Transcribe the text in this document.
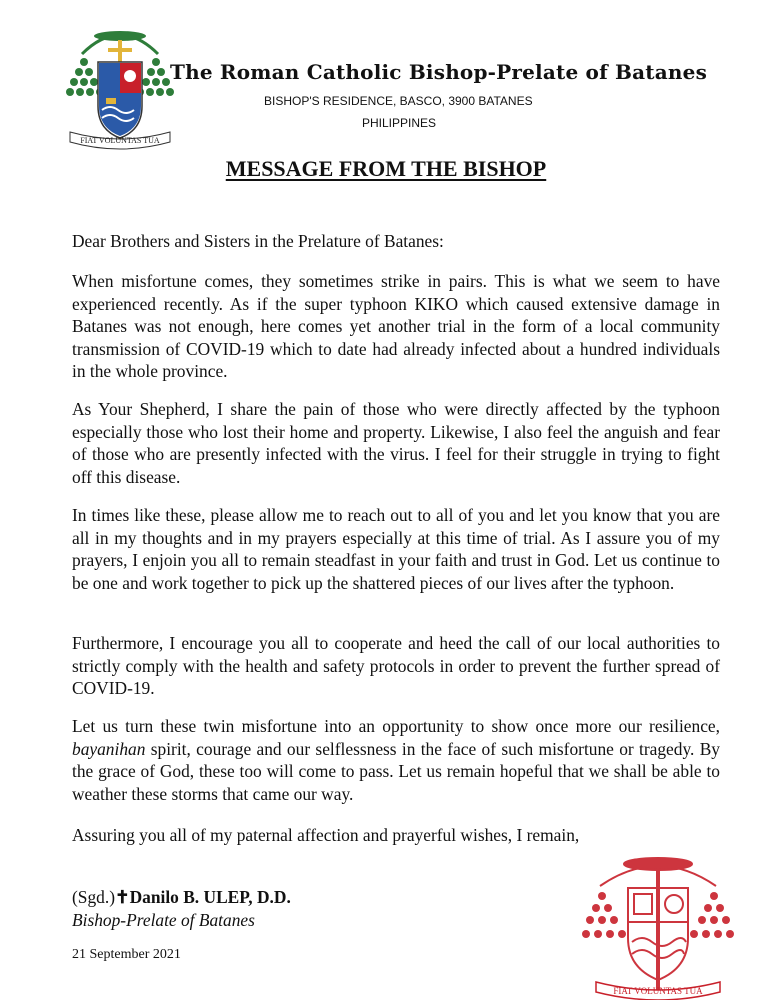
FIAT VOLUNTAS TUA
The Roman Catholic Bishop-Prelate of Batanes
BISHOP'S RESIDENCE, BASCO, 3900 BATANES
PHILIPPINES
MESSAGE FROM THE BISHOP

Dear Brothers and Sisters in the Prelature of Batanes:

When misfortune comes, they sometimes strike in pairs. This is what we seem to have experienced recently. As if the super typhoon KIKO which caused extensive damage in Batanes was not enough, here comes yet another trial in the form of a local community transmission of COVID-19 which to date had already infected about a hundred individuals in the whole province.

As Your Shepherd, I share the pain of those who were directly affected by the typhoon especially those who lost their home and property. Likewise, I also feel the anguish and fear of those who are presently infected with the virus. I feel for their struggle in trying to fight off this disease.

In times like these, please allow me to reach out to all of you and let you know that you are all in my thoughts and in my prayers especially at this time of trial. As I assure you of my prayers, I enjoin you all to remain steadfast in your faith and trust in God. Let us continue to be one and work together to pick up the shattered pieces of our lives after the typhoon.

Furthermore, I encourage you all to cooperate and heed the call of our local authorities to strictly comply with the health and safety protocols in order to prevent the further spread of COVID-19.

Let us turn these twin misfortune into an opportunity to show once more our resilience, bayanihan spirit, courage and our selflessness in the face of such misfortune or tragedy. By the grace of God, these too will come to pass. Let us remain hopeful that we shall be able to weather these storms that came our way.

Assuring you all of my paternal affection and prayerful wishes, I remain,

(Sgd.)✝Danilo B. ULEP, D.D.
Bishop-Prelate of Batanes
21 September 2021
FIAT VOLUNTAS TUA
